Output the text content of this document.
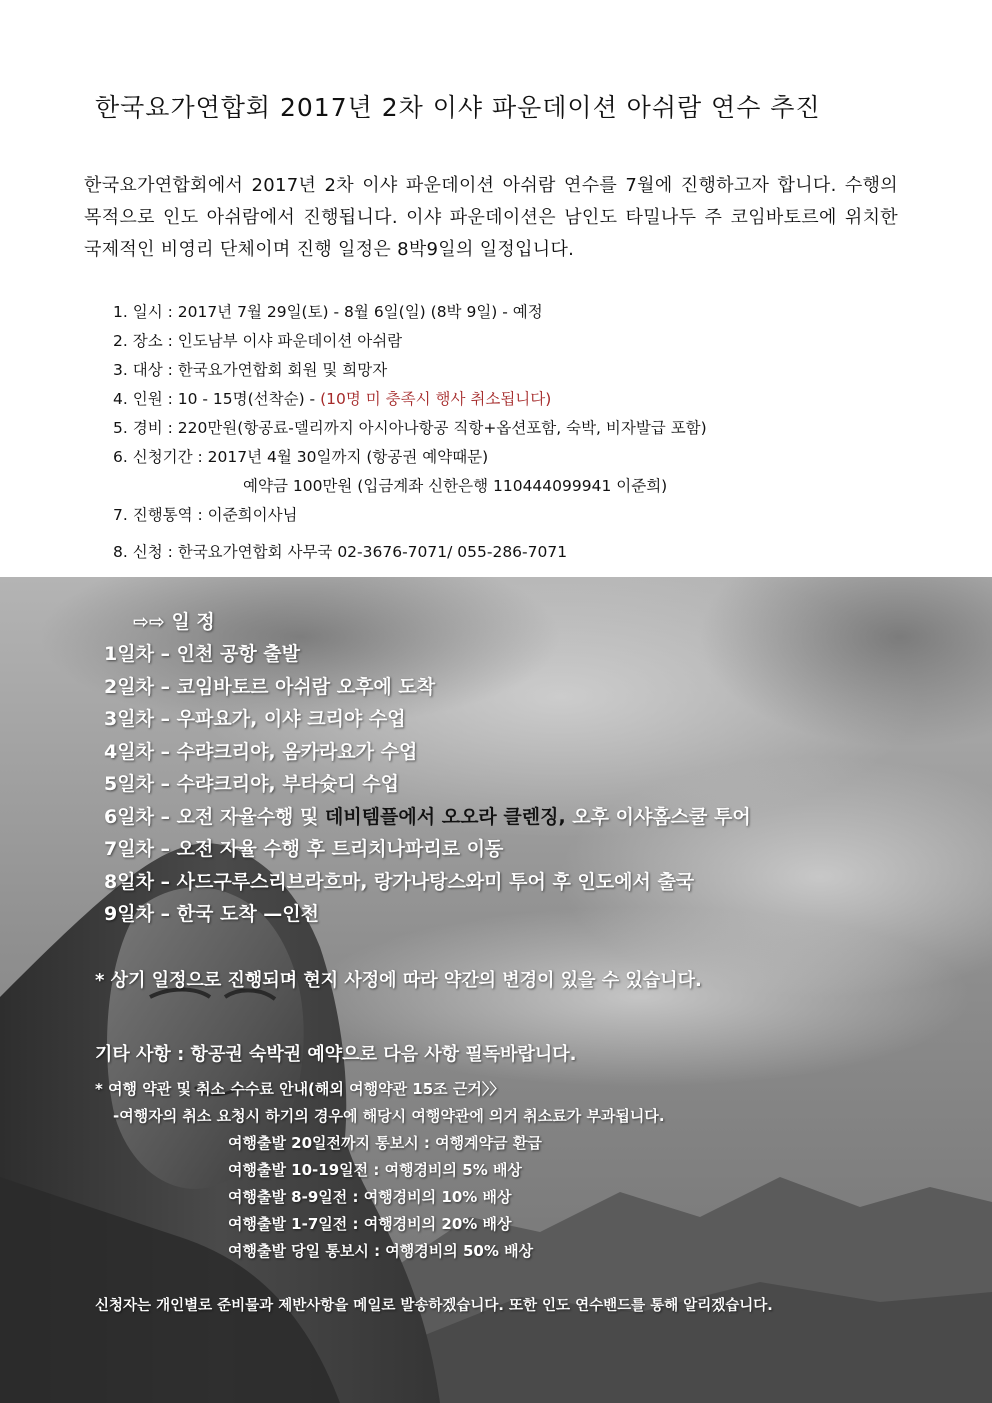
한국요가연합회 2017년 2차 이샤 파운데이션 아쉬람 연수 추진
한국요가연합회에서 2017년 2차 이샤 파운데이션 아쉬람 연수를 7월에 진행하고자 합니다. 수행의 목적으로 인도 아쉬람에서 진행됩니다. 이샤 파운데이션은 남인도 타밀나두 주 코임바토르에 위치한 국제적인 비영리 단체이며 진행 일정은 8박9일의 일정입니다.
1. 일시 : 2017년 7월 29일(토) - 8월 6일(일) (8박 9일) - 예정
2. 장소 : 인도남부 이샤 파운데이션 아쉬람
3. 대상 : 한국요가연합회 회원 및 희망자
4. 인원 : 10 - 15명(선착순) - (10명 미 충족시 행사 취소됩니다)
5. 경비 : 220만원(항공료-델리까지 아시아나항공 직항+옵션포함, 숙박, 비자발급 포함)
6. 신청기간 : 2017년 4월 30일까지 (항공권 예약때문)
예약금 100만원 (입금계좌 신한은행 110444099941 이준희)
7. 진행통역 : 이준희이사님
8. 신청 : 한국요가연합회 사무국 02-3676-7071/ 055-286-7071
⇨⇨ 일 정
1일차 – 인천 공항 출발
2일차 – 코임바토르 아쉬람 오후에 도착
3일차 – 우파요가, 이샤 크리야 수업
4일차 – 수랴크리야, 옴카라요가 수업
5일차 – 수랴크리야, 부타슛디 수업
6일차 – 오전 자율수행 및 데비템플에서 오오라 클렌징, 오후 이샤홈스쿨 투어
7일차 – 오전 자율 수행 후 트리치나파리로 이동
8일차 – 사드구루스리브라흐마, 랑가나탕스와미 투어 후 인도에서 출국
9일차 – 한국 도착 —인천
* 상기 일정으로 진행되며 현지 사정에 따라 약간의 변경이 있을 수 있습니다.
기타 사항 : 항공권 숙박권 예약으로 다음 사항 필독바랍니다.
* 여행 약관 및 취소 수수료 안내(해외 여행약관 15조 근거〉〉
-여행자의 취소 요청시 하기의 경우에 해당시 여행약관에 의거 취소료가 부과됩니다.
여행출발 20일전까지 통보시 : 여행계약금 환급
여행출발 10-19일전 : 여행경비의 5% 배상
여행출발 8-9일전 : 여행경비의 10% 배상
여행출발 1-7일전 : 여행경비의 20% 배상
여행출발 당일 통보시 : 여행경비의 50% 배상
신청자는 개인별로 준비물과 제반사항을 메일로 발송하겠습니다. 또한 인도 연수밴드를 통해 알리겠습니다.
